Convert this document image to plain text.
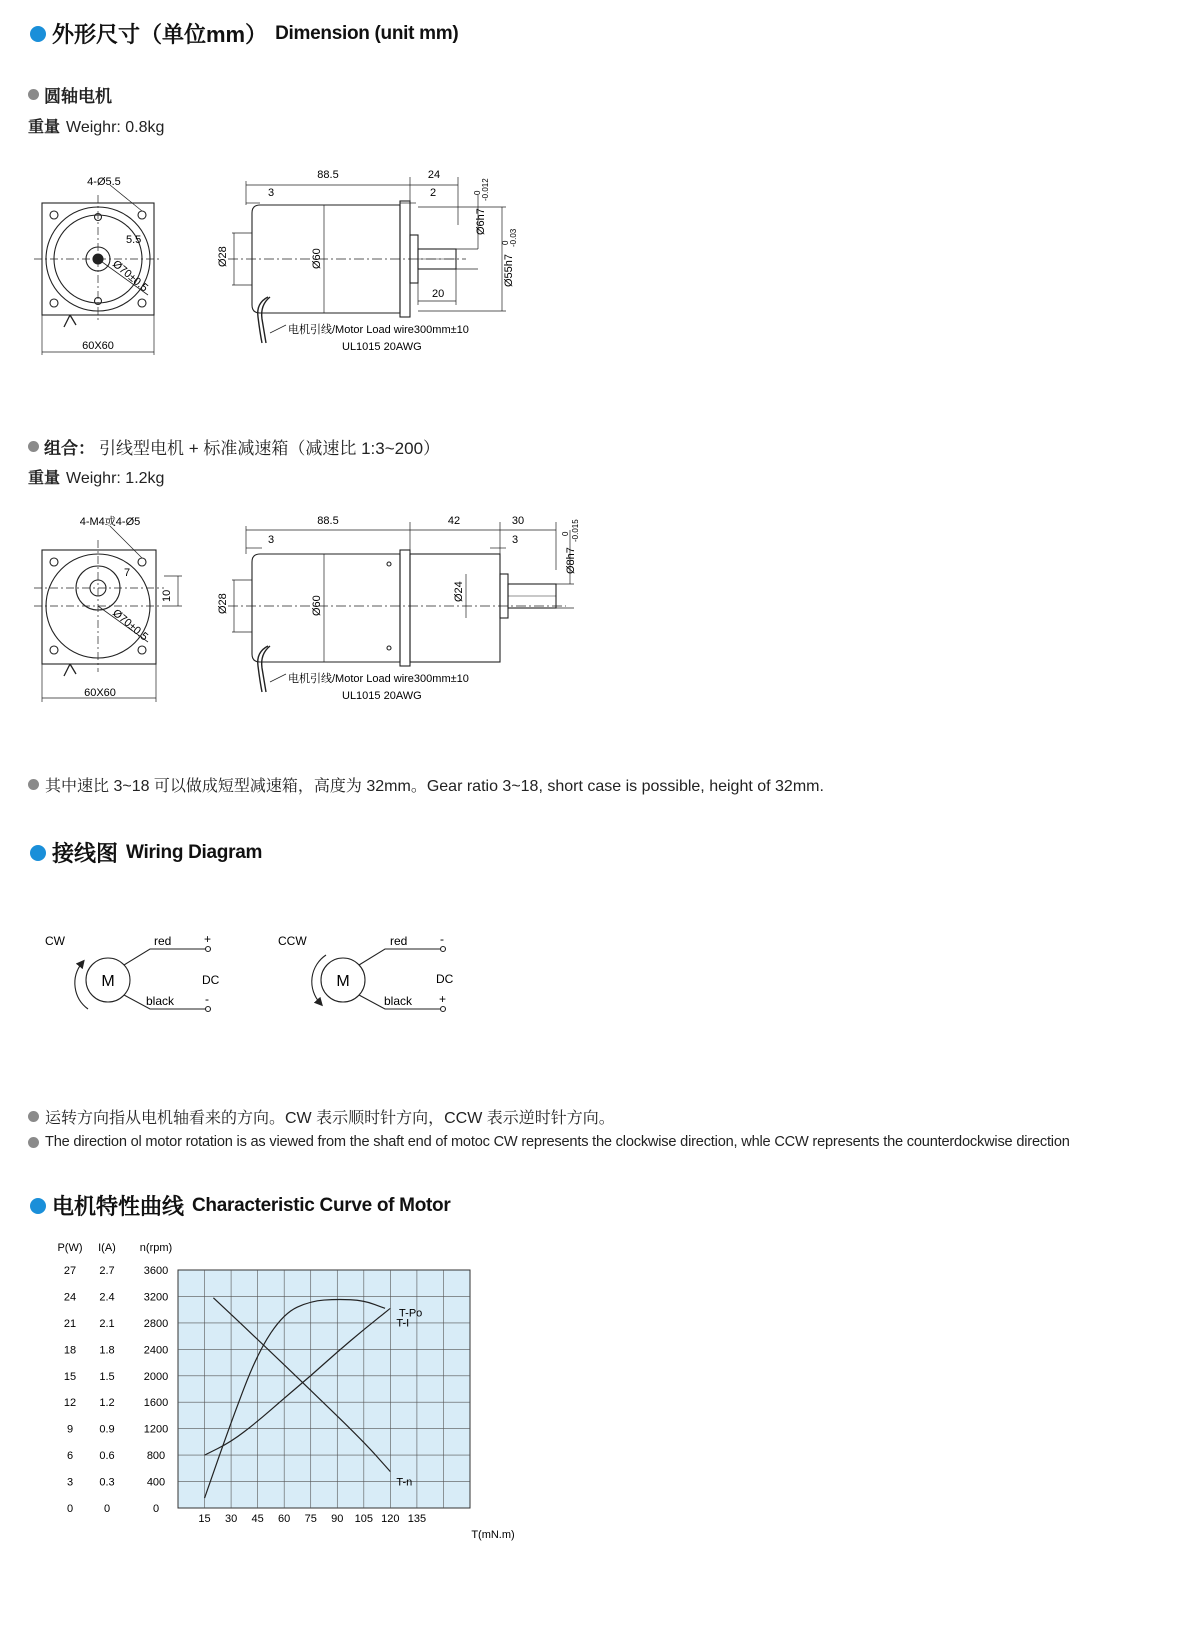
外形尺寸（单位mm） Dimension (unit mm)
圆轴电机
重量 Weighr: 0.8kg
4-Ø5.5
5.5
Ø70±0.5
60X60
88.5	24
3	2
20
Ø28	Ø60
Ø6h7
0 -0.012
Ø55h7
0 -0.03
电机引线/Motor Load wire300mm±10
UL1015 20AWG
组合： 引线型电机 + 标准减速箱（减速比 1:3~200）
重量 Weighr: 1.2kg
4-M4或4-Ø5
7
10
Ø70±0.5
60X60
88.5	42	30
3	3
Ø28	Ø60
Ø24
Ø8h7
0 -0.015
电机引线/Motor Load wire300mm±10
UL1015 20AWG
其中速比 3~18 可以做成短型减速箱，高度为 32mm。Gear ratio 3~18, short case is possible, height of 32mm.
接线图 Wiring Diagram
CW
M
red
black
DC
+
-
CCW
M
red
black
DC
-
+
运转方向指从电机轴看来的方向。CW 表示顺时针方向，CCW 表示逆时针方向。
The direction ol motor rotation is as viewed from the shaft end of motoc CW represents the clockwise direction, whle CCW represents the counterdockwise direction
电机特性曲线 Characteristic Curve of Motor
P(W)
0
3
6
9
12
15
18
21
24
27
I(A)
0
0.3
0.6
0.9
1.2
1.5
1.8
2.1
2.4
2.7
n(rpm)
0
400
800
1200
1600
2000
2400
2800
3200
3600
15 30 45 60 75 90 105 120 135
T(mN.m)
T-Po
T-I
T-n
